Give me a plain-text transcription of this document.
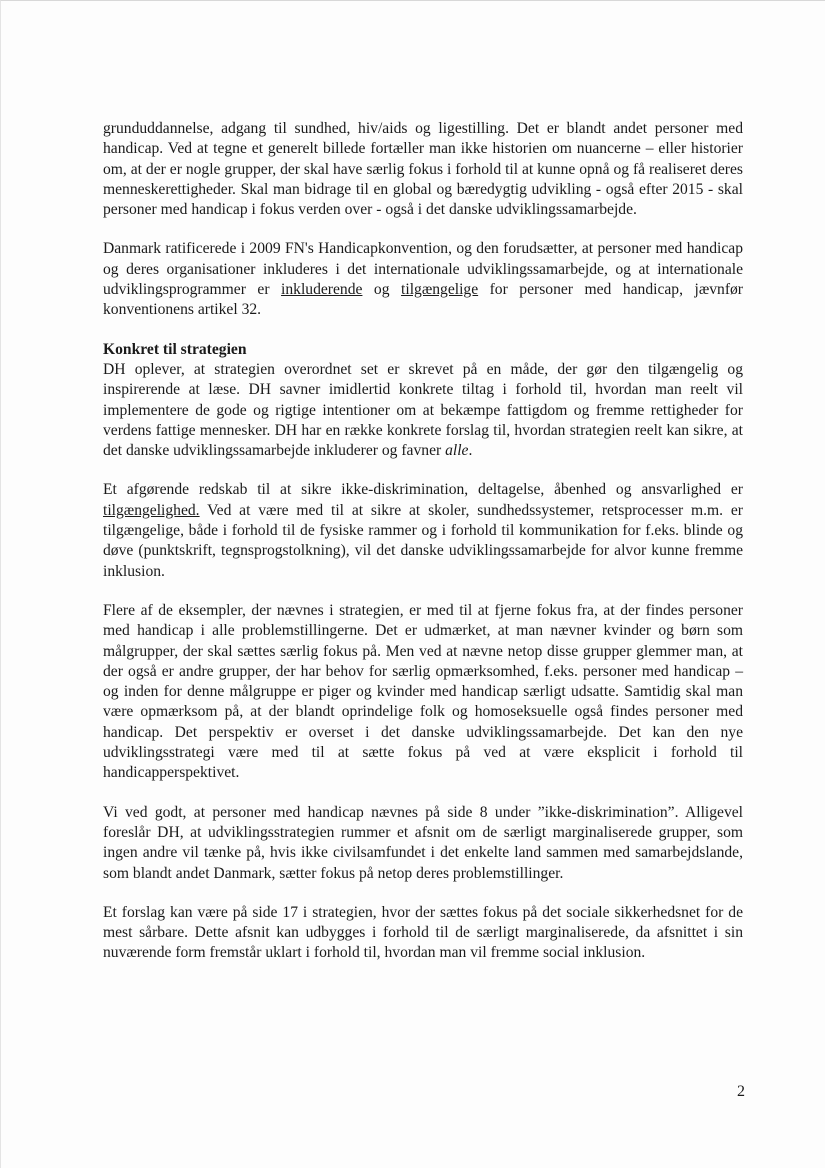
grunduddannelse, adgang til sundhed, hiv/aids og ligestilling. Det er blandt andet personer med handicap. Ved at tegne et generelt billede fortæller man ikke historien om nuancerne – eller historier om, at der er nogle grupper, der skal have særlig fokus i forhold til at kunne opnå og få realiseret deres menneskerettigheder. Skal man bidrage til en global og bæredygtig udvikling - også efter 2015 - skal personer med handicap i fokus verden over - også i det danske udviklingssamarbejde.

Danmark ratificerede i 2009 FN's Handicapkonvention, og den forudsætter, at personer med handicap og deres organisationer inkluderes i det internationale udviklingssamarbejde, og at internationale udviklingsprogrammer er inkluderende og tilgængelige for personer med handicap, jævnfør konventionens artikel 32.

Konkret til strategien
DH oplever, at strategien overordnet set er skrevet på en måde, der gør den tilgængelig og inspirerende at læse. DH savner imidlertid konkrete tiltag i forhold til, hvordan man reelt vil implementere de gode og rigtige intentioner om at bekæmpe fattigdom og fremme rettigheder for verdens fattige mennesker. DH har en række konkrete forslag til, hvordan strategien reelt kan sikre, at det danske udviklingssamarbejde inkluderer og favner alle.

Et afgørende redskab til at sikre ikke-diskrimination, deltagelse, åbenhed og ansvarlighed er tilgængelighed. Ved at være med til at sikre at skoler, sundhedssystemer, retsprocesser m.m. er tilgængelige, både i forhold til de fysiske rammer og i forhold til kommunikation for f.eks. blinde og døve (punktskrift, tegnsprogstolkning), vil det danske udviklingssamarbejde for alvor kunne fremme inklusion.

Flere af de eksempler, der nævnes i strategien, er med til at fjerne fokus fra, at der findes personer med handicap i alle problemstillingerne. Det er udmærket, at man nævner kvinder og børn som målgrupper, der skal sættes særlig fokus på. Men ved at nævne netop disse grupper glemmer man, at der også er andre grupper, der har behov for særlig opmærksomhed, f.eks. personer med handicap – og inden for denne målgruppe er piger og kvinder med handicap særligt udsatte. Samtidig skal man være opmærksom på, at der blandt oprindelige folk og homoseksuelle også findes personer med handicap. Det perspektiv er overset i det danske udviklingssamarbejde. Det kan den nye udviklingsstrategi være med til at sætte fokus på ved at være eksplicit i forhold til handicapperspektivet.

Vi ved godt, at personer med handicap nævnes på side 8 under ”ikke-diskrimination”. Alligevel foreslår DH, at udviklingsstrategien rummer et afsnit om de særligt marginaliserede grupper, som ingen andre vil tænke på, hvis ikke civilsamfundet i det enkelte land sammen med samarbejdslande, som blandt andet Danmark, sætter fokus på netop deres problemstillinger.

Et forslag kan være på side 17 i strategien, hvor der sættes fokus på det sociale sikkerhedsnet for de mest sårbare. Dette afsnit kan udbygges i forhold til de særligt marginaliserede, da afsnittet i sin nuværende form fremstår uklart i forhold til, hvordan man vil fremme social inklusion.

2
